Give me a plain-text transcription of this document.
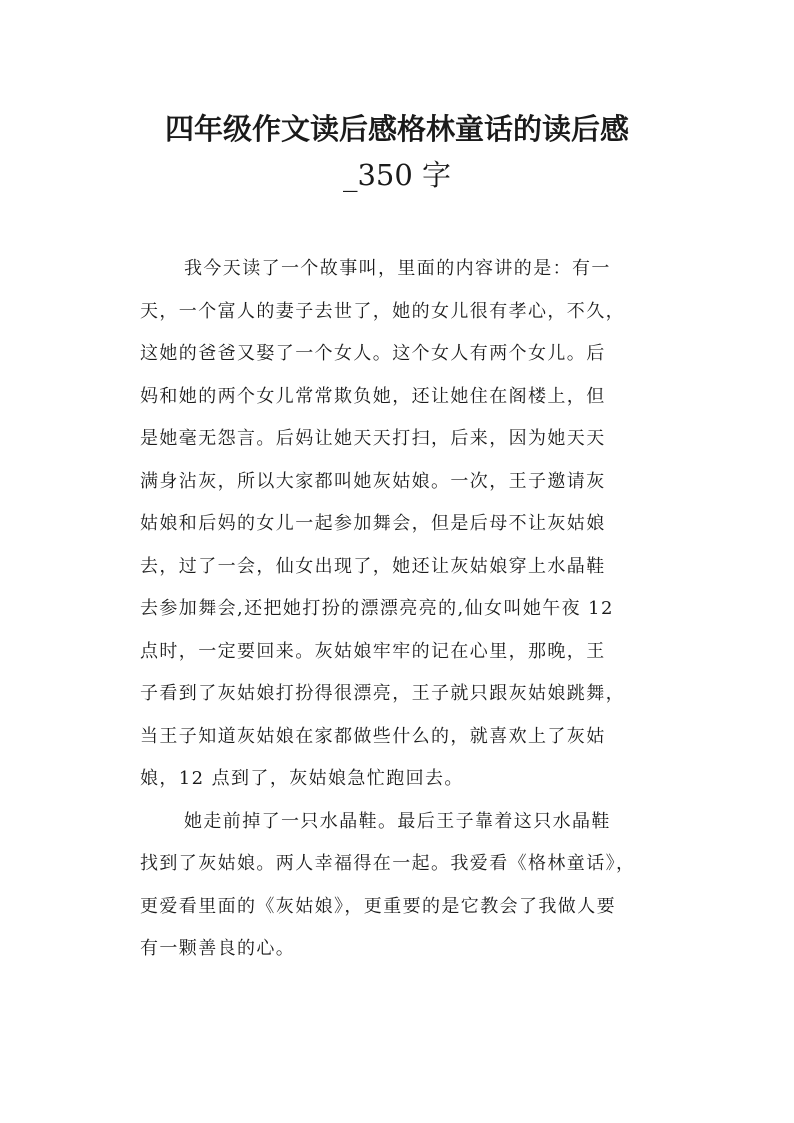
四年级作文读后感格林童话的读后感
_350 字
我今天读了一个故事叫，里面的内容讲的是：有一
天，一个富人的妻子去世了，她的女儿很有孝心，不久，
这她的爸爸又娶了一个女人。这个女人有两个女儿。后
妈和她的两个女儿常常欺负她，还让她住在阁楼上，但
是她毫无怨言。后妈让她天天打扫，后来，因为她天天
满身沾灰，所以大家都叫她灰姑娘。一次，王子邀请灰
姑娘和后妈的女儿一起参加舞会，但是后母不让灰姑娘
去，过了一会，仙女出现了，她还让灰姑娘穿上水晶鞋
去参加舞会,还把她打扮的漂漂亮亮的,仙女叫她午夜 12
点时，一定要回来。灰姑娘牢牢的记在心里，那晚，王
子看到了灰姑娘打扮得很漂亮，王子就只跟灰姑娘跳舞，
当王子知道灰姑娘在家都做些什么的，就喜欢上了灰姑
娘，12 点到了，灰姑娘急忙跑回去。
她走前掉了一只水晶鞋。最后王子靠着这只水晶鞋
找到了灰姑娘。两人幸福得在一起。我爱看《格林童话》，
更爱看里面的《灰姑娘》，更重要的是它教会了我做人要
有一颗善良的心。
